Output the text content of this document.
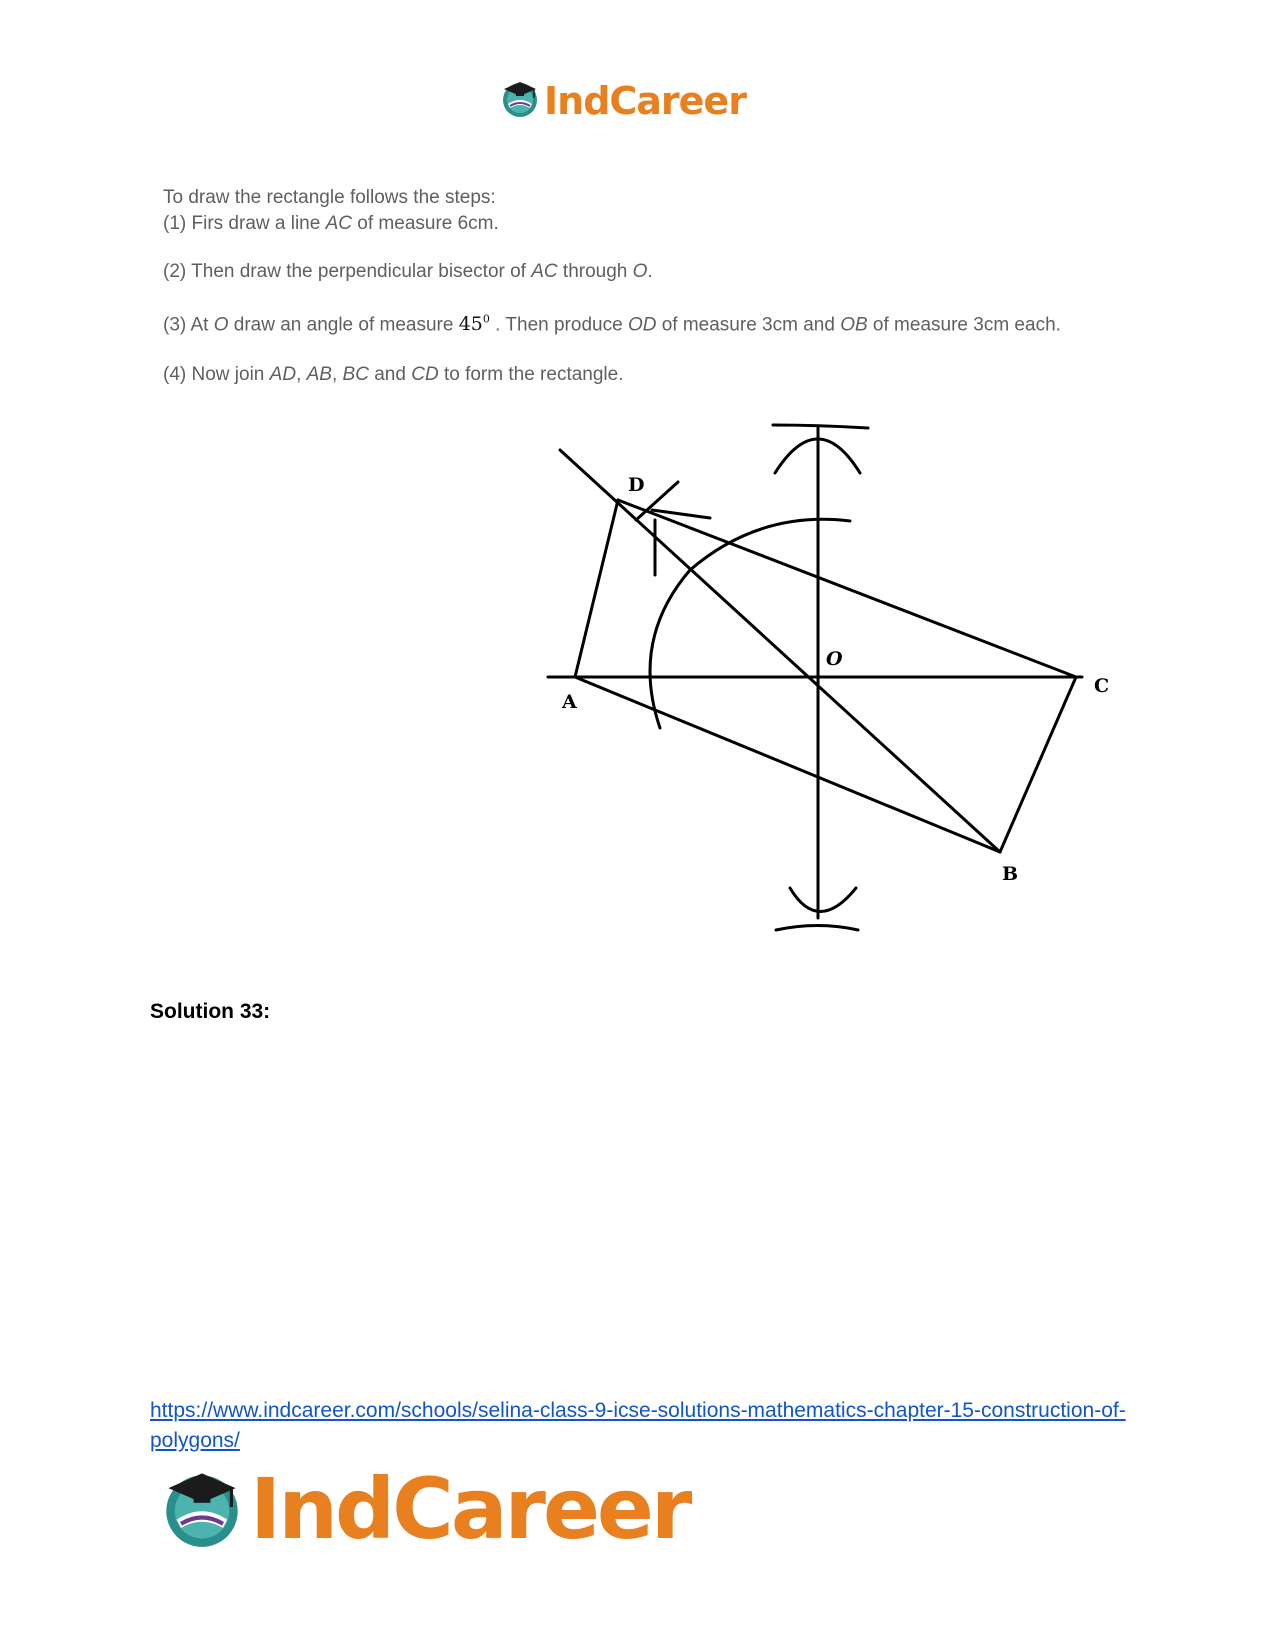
IndCareer

To draw the rectangle follows the steps:

(1) Firs draw a line AC of measure 6cm.

(2) Then draw the perpendicular bisector of AC through O.

(3) At O draw an angle of measure $45^0$ . Then produce OD of measure 3cm and OB of measure 3cm each.

(4) Now join AD, AB, BC and CD to form the rectangle.

D
A
C
B
O
Solution 33:
https://www.indcareer.com/schools/selina-class-9-icse-solutions-mathematics-chapter-15-construction-of-polygons/
IndCareer
